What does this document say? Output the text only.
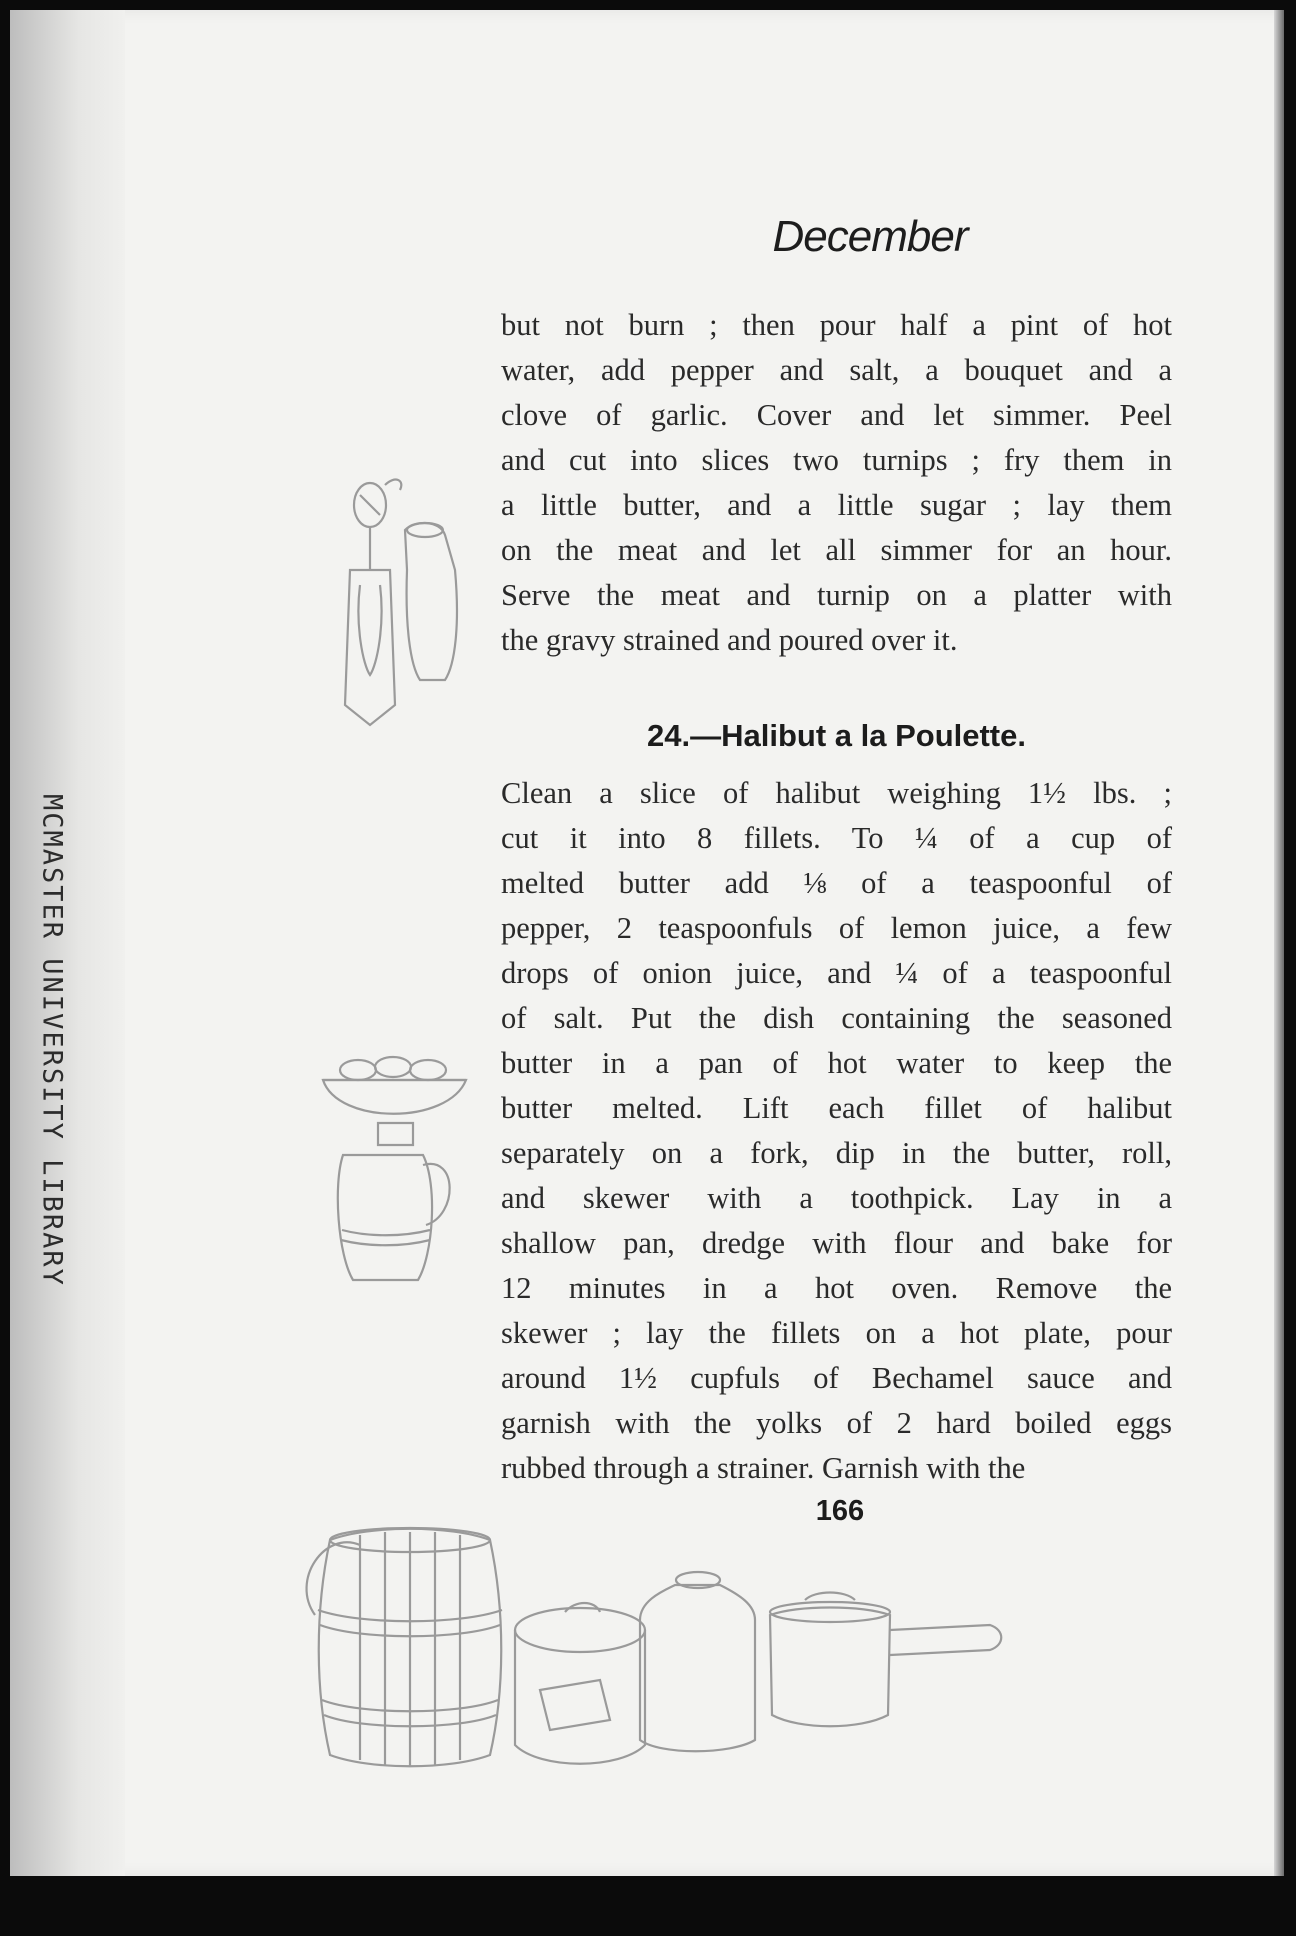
MCMASTER UNIVERSITY LIBRARY
December
but not burn ; then pour half a pint of hot
water, add pepper and salt, a bouquet and a
clove of garlic. Cover and let simmer. Peel
and cut into slices two turnips ; fry them in
a little butter, and a little sugar ; lay them
on the meat and let all simmer for an hour.
Serve the meat and turnip on a platter with
the gravy strained and poured over it.
24.—Halibut a la Poulette.
Clean a slice of halibut weighing 1½ lbs. ;
cut it into 8 fillets. To ¼ of a cup of
melted butter add ⅛ of a teaspoonful of
pepper, 2 teaspoonfuls of lemon juice, a few
drops of onion juice, and ¼ of a teaspoonful
of salt. Put the dish containing the seasoned
butter in a pan of hot water to keep the
butter melted. Lift each fillet of halibut
separately on a fork, dip in the butter, roll,
and skewer with a toothpick. Lay in a
shallow pan, dredge with flour and bake for
12 minutes in a hot oven. Remove the
skewer ; lay the fillets on a hot plate, pour
around 1½ cupfuls of Bechamel sauce and
garnish with the yolks of 2 hard boiled eggs
rubbed through a strainer. Garnish with the
166
